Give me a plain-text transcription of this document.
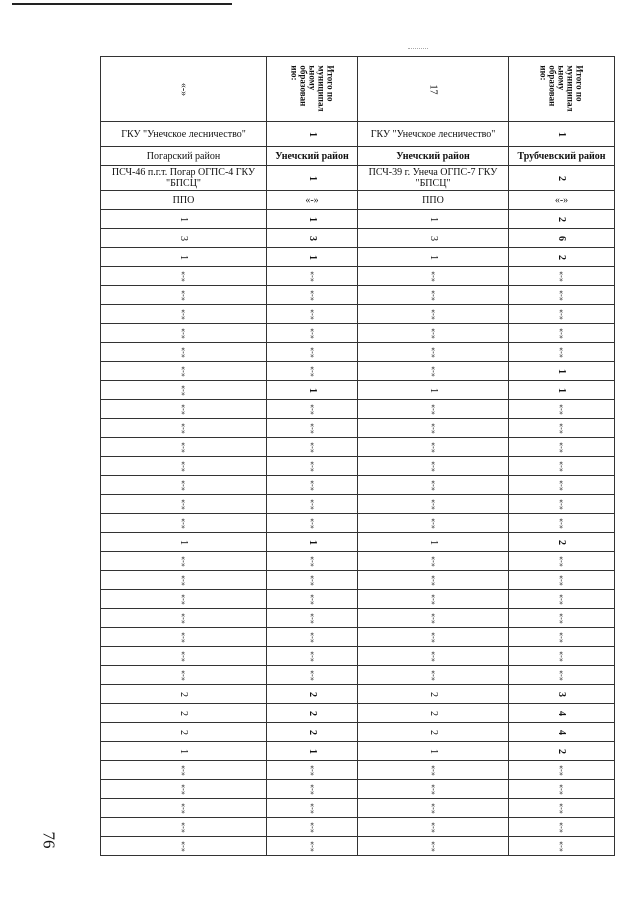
76
«-»	Итого по
муниципал
ьному
образован
ию:	17	Итого по
муниципал
ьному
образован
ию:

ГКУ "Унечское лесничество"	1	ГКУ "Унечское лесничество"	1
Погарский район	Унечский район	Унечский район	Трубчевский район
ПСЧ-46 п.г.т. Погар ОГПС-4 ГКУ "БПСЦ"	1	ПСЧ-39 г. Унеча ОГПС-7 ГКУ "БПСЦ"	2
ППО	«-»	ППО	«-»
1	1	1	2
3	3	3	6
1	1	1	2
«-»	«-»	«-»	«-»
«-»	«-»	«-»	«-»
«-»	«-»	«-»	«-»
«-»	«-»	«-»	«-»
«-»	«-»	«-»	«-»
«-»	«-»	«-»	1
«-»	1	1	1
«-»	«-»	«-»	«-»
«-»	«-»	«-»	«-»
«-»	«-»	«-»	«-»
«-»	«-»	«-»	«-»
«-»	«-»	«-»	«-»
«-»	«-»	«-»	«-»
«-»	«-»	«-»	«-»
1	1	1	2
«-»	«-»	«-»	«-»
«-»	«-»	«-»	«-»
«-»	«-»	«-»	«-»
«-»	«-»	«-»	«-»
«-»	«-»	«-»	«-»
«-»	«-»	«-»	«-»
«-»	«-»	«-»	«-»
2	2	2	3
2	2	2	4
2	2	2	4
1	1	1	2
«-»	«-»	«-»	«-»
«-»	«-»	«-»	«-»
«-»	«-»	«-»	«-»
«-»	«-»	«-»	«-»
«-»	«-»	«-»	«-»
